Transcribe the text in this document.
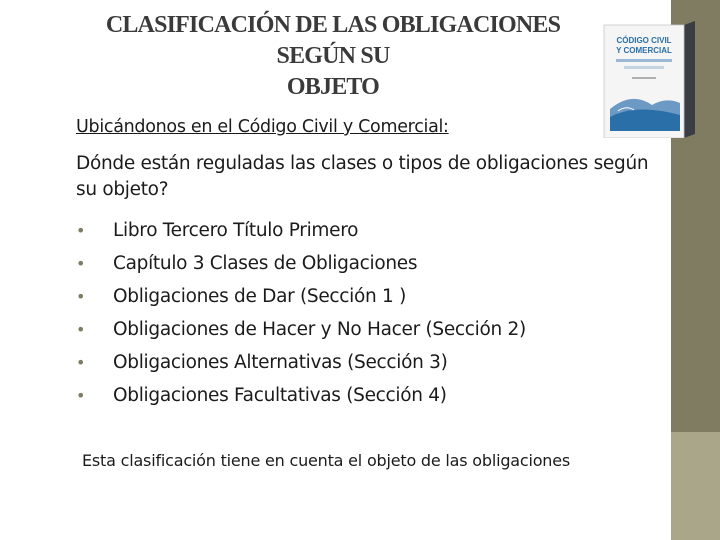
CLASIFICACIÓN DE LAS OBLIGACIONES SEGÚN SU
OBJETO
CÓDIGO CIVIL
Y COMERCIAL
Ubicándonos en el Código Civil y Comercial:
Dónde están reguladas las clases o tipos de obligaciones según su objeto?
•	Libro Tercero Título Primero
•	Capítulo 3 Clases de Obligaciones
•	Obligaciones de Dar (Sección 1 )
•	Obligaciones de Hacer y No Hacer (Sección 2)
•	Obligaciones Alternativas (Sección 3)
•	Obligaciones Facultativas (Sección 4)
Esta clasificación tiene en cuenta el objeto de las obligaciones
